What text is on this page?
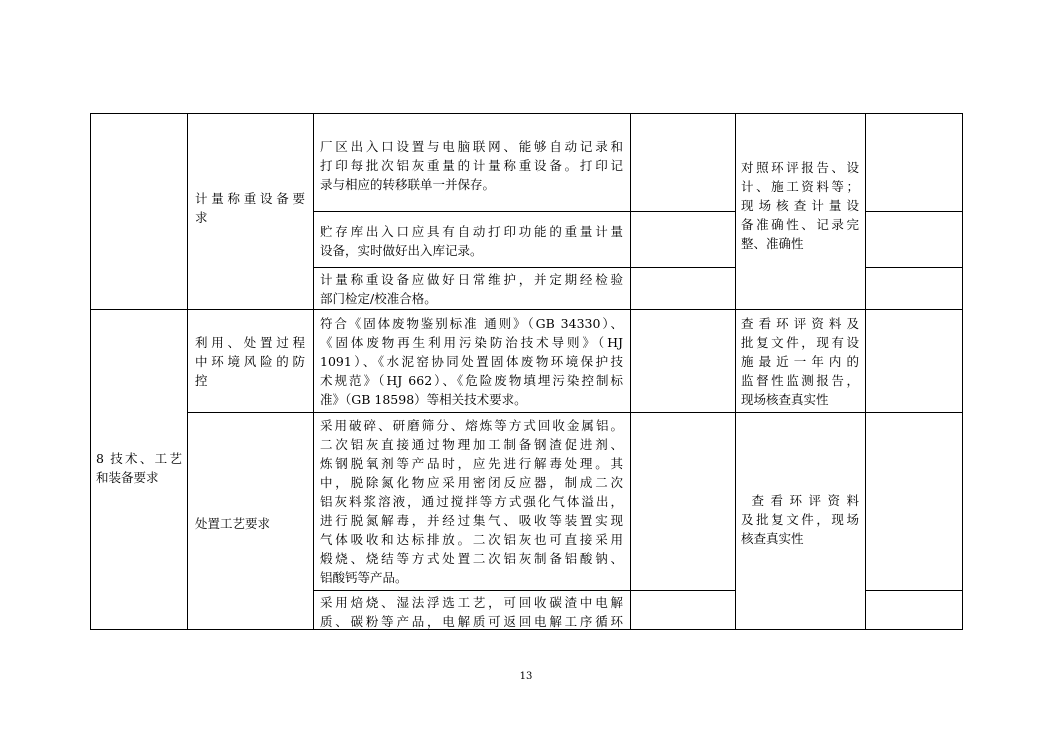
计量称重设备要
求
厂区出入口设置与电脑联网、能够自动记录和
打印每批次铝灰重量的计量称重设备。打印记
录与相应的转移联单一并保存。
贮存库出入口应具有自动打印功能的重量计量
设备，实时做好出入库记录。
计量称重设备应做好日常维护，并定期经检验
部门检定/校准合格。
对照环评报告、设
计、施工资料等；
现场核查计量设
备准确性、记录完
整、准确性
8 技术、工艺
和装备要求
利用、处置过程
中环境风险的防
控
符合《固体废物鉴别标准 通则》（GB 34330）、
《固体废物再生利用污染防治技术导则》（HJ
1091）、《水泥窑协同处置固体废物环境保护技
术规范》（HJ 662）、《危险废物填埋污染控制标
准》（GB 18598）等相关技术要求。
查看环评资料及
批复文件，现有设
施最近一年内的
监督性监测报告，
现场核查真实性
处置工艺要求
采用破碎、研磨筛分、熔炼等方式回收金属铝。
二次铝灰直接通过物理加工制备钢渣促进剂、
炼钢脱氧剂等产品时，应先进行解毒处理。其
中，脱除氮化物应采用密闭反应器，制成二次
铝灰料浆溶液，通过搅拌等方式强化气体溢出，
进行脱氮解毒，并经过集气、吸收等装置实现
气体吸收和达标排放。二次铝灰也可直接采用
煅烧、烧结等方式处置二次铝灰制备铝酸钠、
铝酸钙等产品。
采用焙烧、湿法浮选工艺，可回收碳渣中电解
质、碳粉等产品，电解质可返回电解工序循环
查看环评资料
及批复文件，现场
核查真实性
13
